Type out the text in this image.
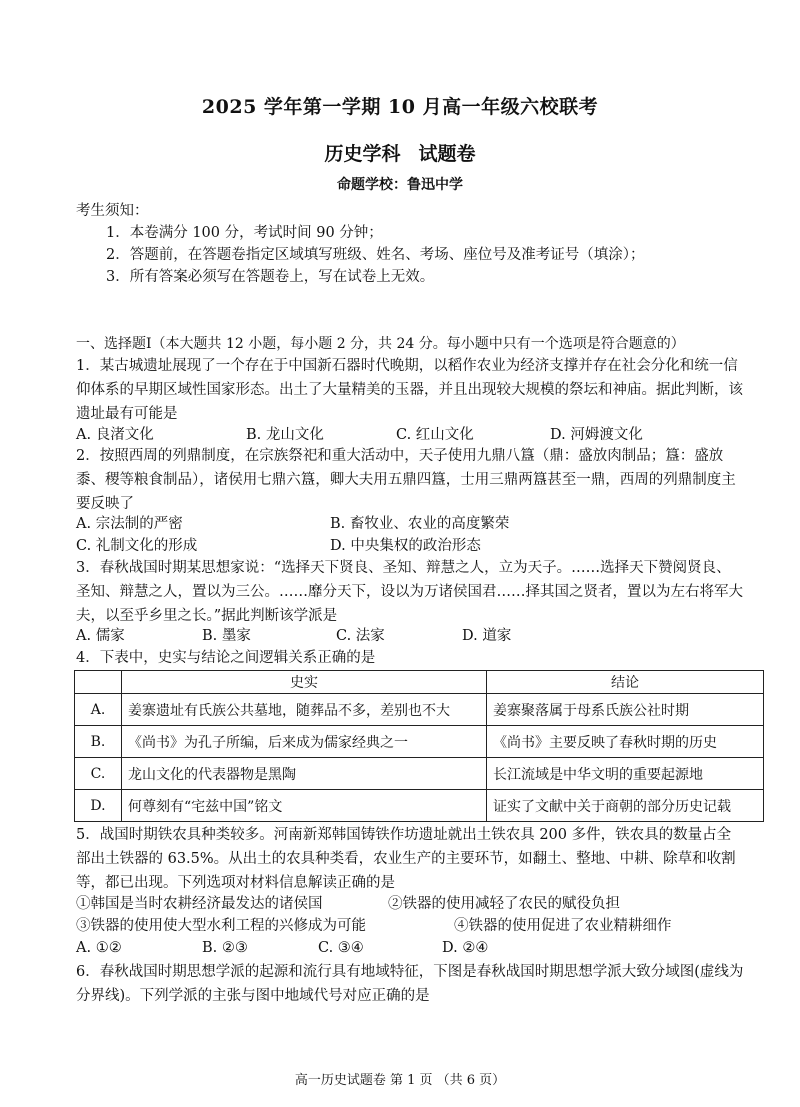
2025 学年第一学期 10 月高一年级六校联考
历史学科 试题卷
命题学校：鲁迅中学
考生须知：
1．本卷满分 100 分，考试时间 90 分钟；
2．答题前，在答题卷指定区域填写班级、姓名、考场、座位号及准考证号（填涂）；
3．所有答案必须写在答题卷上，写在试卷上无效。
一、选择题Ⅰ（本大题共 12 小题，每小题 2 分，共 24 分。每小题中只有一个选项是符合题意的）
1．某古城遗址展现了一个存在于中国新石器时代晚期，以稻作农业为经济支撑并存在社会分化和统一信仰体系的早期区域性国家形态。出土了大量精美的玉器，并且出现较大规模的祭坛和神庙。据此判断，该遗址最有可能是
A. 良渚文化	B. 龙山文化	C. 红山文化	D. 河姆渡文化
2．按照西周的列鼎制度，在宗族祭祀和重大活动中，天子使用九鼎八簋（鼎：盛放肉制品；簋：盛放黍、稷等粮食制品），诸侯用七鼎六簋，卿大夫用五鼎四簋，士用三鼎两簋甚至一鼎，西周的列鼎制度主要反映了
A. 宗法制的严密	B. 畜牧业、农业的高度繁荣
C. 礼制文化的形成	D. 中央集权的政治形态
3．春秋战国时期某思想家说：“选择天下贤良、圣知、辩慧之人，立为天子。……选择天下赞阅贤良、圣知、辩慧之人，置以为三公。……靡分天下，设以为万诸侯国君……择其国之贤者，置以为左右将军大夫，以至乎乡里之长。”据此判断该学派是
A. 儒家	B. 墨家	C. 法家	D. 道家
4．下表中，史实与结论之间逻辑关系正确的是
	史实	结论
A.	姜寨遗址有氏族公共墓地，随葬品不多，差别也不大	姜寨聚落属于母系氏族公社时期
B.	《尚书》为孔子所编，后来成为儒家经典之一	《尚书》主要反映了春秋时期的历史
C.	龙山文化的代表器物是黑陶	长江流域是中华文明的重要起源地
D.	何尊刻有“宅兹中国”铭文	证实了文献中关于商朝的部分历史记载
5．战国时期铁农具种类较多。河南新郑韩国铸铁作坊遗址就出土铁农具 200 多件，铁农具的数量占全部出土铁器的 63.5%。从出土的农具种类看，农业生产的主要环节，如翻土、整地、中耕、除草和收割等，都已出现。下列选项对材料信息解读正确的是
①韩国是当时农耕经济最发达的诸侯国	②铁器的使用减轻了农民的赋役负担
③铁器的使用使大型水利工程的兴修成为可能	④铁器的使用促进了农业精耕细作
A. ①②	B. ②③	C. ③④	D. ②④
6．春秋战国时期思想学派的起源和流行具有地域特征，下图是春秋战国时期思想学派大致分域图(虚线为分界线)。下列学派的主张与图中地域代号对应正确的是
高一历史试题卷 第 1 页 （共 6 页）
